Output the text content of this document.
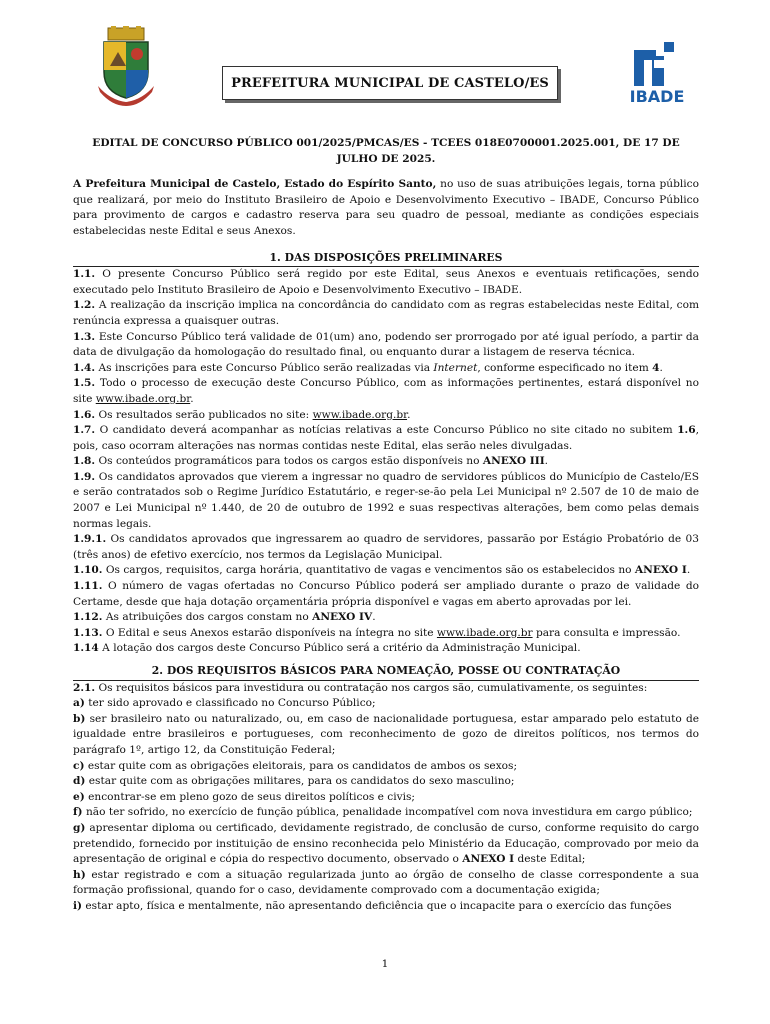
PREFEITURA MUNICIPAL DE CASTELO/ES
IBADE

EDITAL DE CONCURSO PÚBLICO 001/2025/PMCAS/ES - TCEES 018E0700001.2025.001, DE 17 DE JULHO DE 2025.

A Prefeitura Municipal de Castelo, Estado do Espírito Santo, no uso de suas atribuições legais, torna público que realizará, por meio do Instituto Brasileiro de Apoio e Desenvolvimento Executivo – IBADE, Concurso Público para provimento de cargos e cadastro reserva para seu quadro de pessoal, mediante as condições especiais estabelecidas neste Edital e seus Anexos.

1. DAS DISPOSIÇÕES PRELIMINARES

1.1. O presente Concurso Público será regido por este Edital, seus Anexos e eventuais retificações, sendo executado pelo Instituto Brasileiro de Apoio e Desenvolvimento Executivo – IBADE.

1.2. A realização da inscrição implica na concordância do candidato com as regras estabelecidas neste Edital, com renúncia expressa a quaisquer outras.

1.3. Este Concurso Público terá validade de 01(um) ano, podendo ser prorrogado por até igual período, a partir da data de divulgação da homologação do resultado final, ou enquanto durar a listagem de reserva técnica.

1.4. As inscrições para este Concurso Público serão realizadas via Internet, conforme especificado no item 4.

1.5. Todo o processo de execução deste Concurso Público, com as informações pertinentes, estará disponível no site www.ibade.org.br.

1.6. Os resultados serão publicados no site: www.ibade.org.br.

1.7. O candidato deverá acompanhar as notícias relativas a este Concurso Público no site citado no subitem 1.6, pois, caso ocorram alterações nas normas contidas neste Edital, elas serão neles divulgadas.

1.8. Os conteúdos programáticos para todos os cargos estão disponíveis no ANEXO III.

1.9. Os candidatos aprovados que vierem a ingressar no quadro de servidores públicos do Município de Castelo/ES e serão contratados sob o Regime Jurídico Estatutário, e reger-se-ão pela Lei Municipal nº 2.507 de 10 de maio de 2007 e Lei Municipal nº 1.440, de 20 de outubro de 1992 e suas respectivas alterações, bem como pelas demais normas legais.

1.9.1. Os candidatos aprovados que ingressarem ao quadro de servidores, passarão por Estágio Probatório de 03 (três anos) de efetivo exercício, nos termos da Legislação Municipal.

1.10. Os cargos, requisitos, carga horária, quantitativo de vagas e vencimentos são os estabelecidos no ANEXO I.

1.11. O número de vagas ofertadas no Concurso Público poderá ser ampliado durante o prazo de validade do Certame, desde que haja dotação orçamentária própria disponível e vagas em aberto aprovadas por lei.

1.12. As atribuições dos cargos constam no ANEXO IV.

1.13. O Edital e seus Anexos estarão disponíveis na íntegra no site www.ibade.org.br para consulta e impressão.

1.14 A lotação dos cargos deste Concurso Público será a critério da Administração Municipal.

2. DOS REQUISITOS BÁSICOS PARA NOMEAÇÃO, POSSE OU CONTRATAÇÃO

2.1. Os requisitos básicos para investidura ou contratação nos cargos são, cumulativamente, os seguintes:

a) ter sido aprovado e classificado no Concurso Público;

b) ser brasileiro nato ou naturalizado, ou, em caso de nacionalidade portuguesa, estar amparado pelo estatuto de igualdade entre brasileiros e portugueses, com reconhecimento de gozo de direitos políticos, nos termos do parágrafo 1º, artigo 12, da Constituição Federal;

c) estar quite com as obrigações eleitorais, para os candidatos de ambos os sexos;

d) estar quite com as obrigações militares, para os candidatos do sexo masculino;

e) encontrar-se em pleno gozo de seus direitos políticos e civis;

f) não ter sofrido, no exercício de função pública, penalidade incompatível com nova investidura em cargo público;

g) apresentar diploma ou certificado, devidamente registrado, de conclusão de curso, conforme requisito do cargo pretendido, fornecido por instituição de ensino reconhecida pelo Ministério da Educação, comprovado por meio da apresentação de original e cópia do respectivo documento, observado o ANEXO I deste Edital;

h) estar registrado e com a situação regularizada junto ao órgão de conselho de classe correspondente a sua formação profissional, quando for o caso, devidamente comprovado com a documentação exigida;

i) estar apto, física e mentalmente, não apresentando deficiência que o incapacite para o exercício das funções

1
